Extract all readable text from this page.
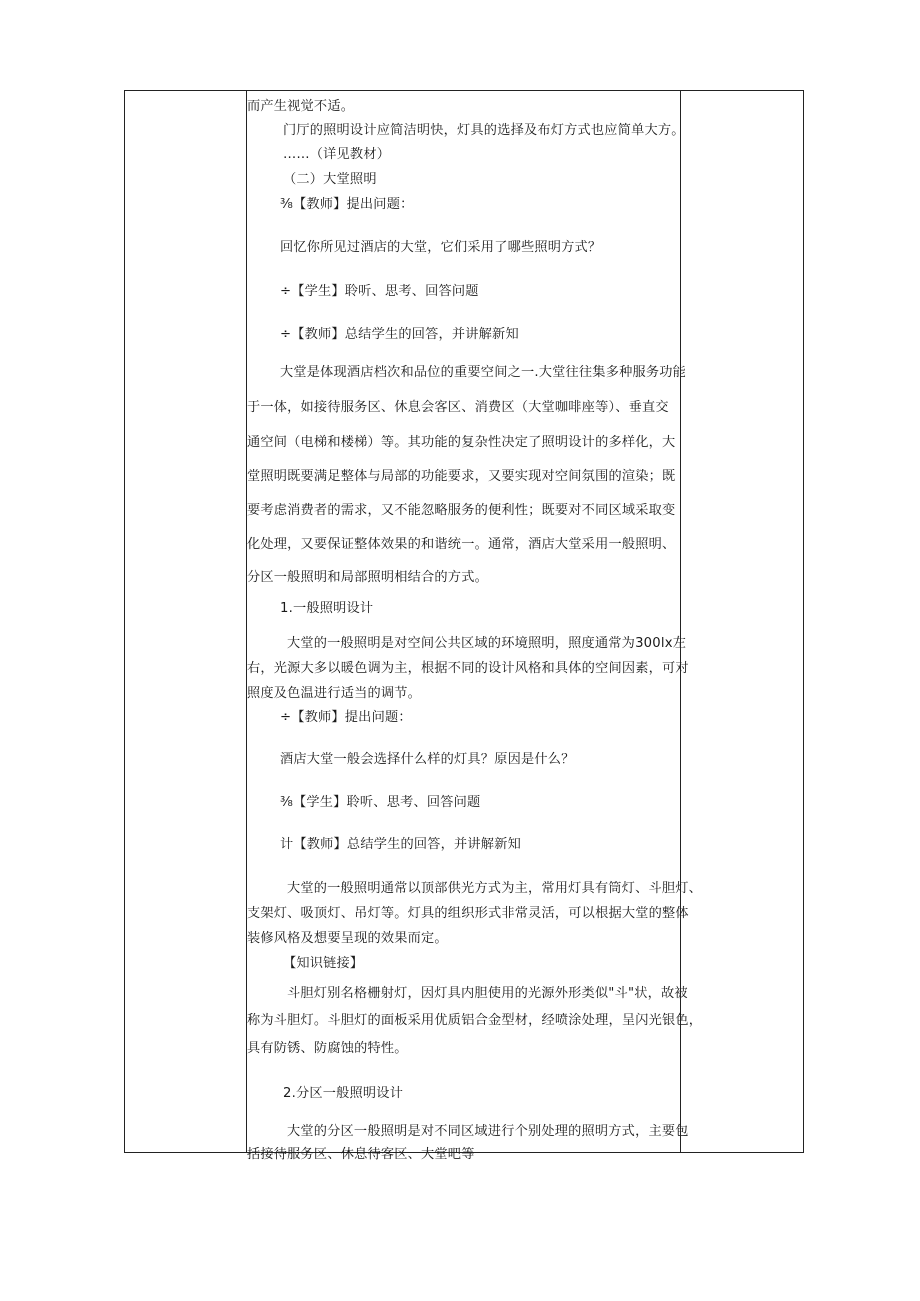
而产生视觉不适。
门厅的照明设计应简洁明快，灯具的选择及布灯方式也应简单大方。
……（详见教材）
（二）大堂照明
⅜【教师】提出问题：
回忆你所见过酒店的大堂，它们采用了哪些照明方式？
÷【学生】聆听、思考、回答问题
÷【教师】总结学生的回答，并讲解新知
大堂是体现酒店档次和品位的重要空间之一.大堂往往集多种服务功能
于一体，如接待服务区、休息会客区、消费区（大堂咖啡座等）、垂直交
通空间（电梯和楼梯）等。其功能的复杂性决定了照明设计的多样化，大
堂照明既要满足整体与局部的功能要求，又要实现对空间氛围的渲染；既
要考虑消费者的需求，又不能忽略服务的便利性；既要对不同区域采取变
化处理，又要保证整体效果的和谐统一。通常，酒店大堂采用一般照明、
分区一般照明和局部照明相结合的方式。
1.一般照明设计
大堂的一般照明是对空间公共区域的环境照明，照度通常为300lx左
右，光源大多以暖色调为主，根据不同的设计风格和具体的空间因素，可对
照度及色温进行适当的调节。
÷【教师】提出问题：
酒店大堂一般会选择什么样的灯具？原因是什么？
⅜【学生】聆听、思考、回答问题
计【教师】总结学生的回答，并讲解新知
大堂的一般照明通常以顶部供光方式为主，常用灯具有筒灯、斗胆灯、
支架灯、吸顶灯、吊灯等。灯具的组织形式非常灵活，可以根据大堂的整体
装修风格及想要呈现的效果而定。
【知识链接】
斗胆灯别名格栅射灯，因灯具内胆使用的光源外形类似"斗"状，故被
称为斗胆灯。斗胆灯的面板采用优质铝合金型材，经喷涂处理，呈闪光银色，
具有防锈、防腐蚀的特性。
2.分区一般照明设计
大堂的分区一般照明是对不同区域进行个别处理的照明方式，主要包
括接待服务区、休息待客区、大堂吧等
